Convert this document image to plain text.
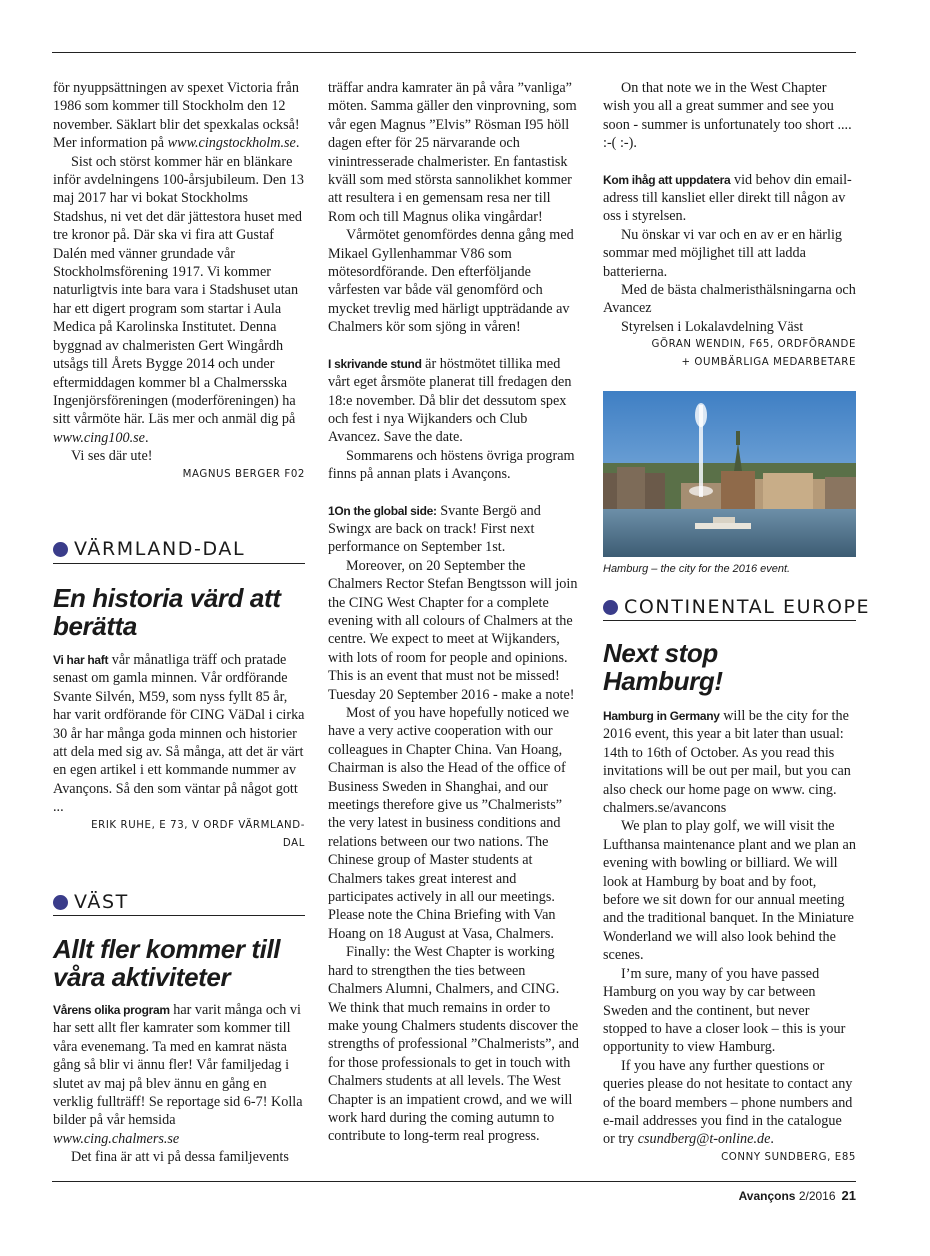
för nyuppsättningen av spexet Victoria från 1986 som kommer till Stockholm den 12 november. Säklart blir det spexkalas också! Mer information på www.cingstockholm.se.

Sist och störst kommer här en blänkare inför avdelningens 100-årsjubileum. Den 13 maj 2017 har vi bokat Stockholms Stadshus, ni vet det där jättestora huset med tre kronor på. Där ska vi fira att Gustaf Dalén med vänner grundade vår Stockholmsförening 1917. Vi kommer naturligtvis inte bara vara i Stadshuset utan har ett digert program som startar i Aula Medica på Karolinska Institutet. Denna byggnad av chalmeristen Gert Wingårdh utsågs till Årets Bygge 2014 och under eftermiddagen kommer bl a Chalmersska Ingenjörsföreningen (moderföreningen) ha sitt vårmöte här. Läs mer och anmäl dig på www.cing100.se.

Vi ses där ute!

MAGNUS BERGER F02

VÄRMLAND-DAL
En historia värd att berätta

Vi har haft vår månatliga träff och pratade senast om gamla minnen. Vår ordförande Svante Silvén, M59, som nyss fyllt 85 år, har varit ordförande för CING VäDal i cirka 30 år har många goda minnen och historier att dela med sig av. Så många, att det är värt en egen artikel i ett kommande nummer av Avançons. Så den som väntar på något gott ...

ERIK RUHE, E 73, V ORDF VÄRMLAND-DAL

VÄST
Allt fler kommer till våra aktiviteter

Vårens olika program har varit många och vi har sett allt fler kamrater som kommer till våra evenemang. Ta med en kamrat nästa gång så blir vi ännu fler! Vår familjedag i slutet av maj på blev ännu en gång en verklig fullträff! Se reportage sid 6-7! Kolla bilder på vår hemsida www.cing.chalmers.se

Det fina är att vi på dessa familjevents

träffar andra kamrater än på våra ”vanliga” möten. Samma gäller den vinprovning, som vår egen Magnus ”Elvis” Rösman I95 höll dagen efter för 25 närvarande och vinintresserade chalmerister. En fantastisk kväll som med största sannolikhet kommer att resultera i en gemensam resa ner till Rom och till Magnus olika vingårdar!

Vårmötet genomfördes denna gång med Mikael Gyllenhammar V86 som mötesordförande. Den efterföljande vårfesten var både väl genomförd och mycket trevlig med härligt uppträdande av Chalmers kör som sjöng in våren!

I skrivande stund är höstmötet tillika med vårt eget årsmöte planerat till fredagen den 18:e november. Då blir det dessutom spex och fest i nya Wijkanders och Club Avancez. Save the date.

Sommarens och höstens övriga program finns på annan plats i Avançons.

1On the global side: Svante Bergö and Swingx are back on track! First next performance on September 1st.

Moreover, on 20 September the Chalmers Rector Stefan Bengtsson will join the CING West Chapter for a complete evening with all colours of Chalmers at the centre. We expect to meet at Wijkanders, with lots of room for people and opinions. This is an event that must not be missed! Tuesday 20 September 2016 - make a note!

Most of you have hopefully noticed we have a very active cooperation with our colleagues in Chapter China. Van Hoang, Chairman is also the Head of the office of Business Sweden in Shanghai, and our meetings therefore give us ”Chalmerists” the very latest in business conditions and relations between our two nations. The Chinese group of Master students at Chalmers takes great interest and participates actively in all our meetings. Please note the China Briefing with Van Hoang on 18 August at Vasa, Chalmers.

Finally: the West Chapter is working hard to strengthen the ties between Chalmers Alumni, Chalmers, and CING. We think that much remains in order to make young Chalmers students discover the strengths of professional ”Chalmerists”, and for those professionals to get in touch with Chalmers students at all levels. The West Chapter is an impatient crowd, and we will work hard during the coming autumn to contribute to long-term real progress.

On that note we in the West Chapter wish you all a great summer and see you soon - summer is unfortunately too short .... :-( :-).

Kom ihåg att uppdatera vid behov din email-adress till kansliet eller direkt till någon av oss i styrelsen.

Nu önskar vi var och en av er en härlig sommar med möjlighet till att ladda batterierna.

Med de bästa chalmeristhälsningarna och Avancez

Styrelsen i Lokalavdelning Väst

GÖRAN WENDIN, F65, ORDFÖRANDE

+ OUMBÄRLIGA MEDARBETARE

Hamburg – the city for the 2016 event.
CONTINENTAL EUROPE
Next stop Hamburg!

Hamburg in Germany will be the city for the 2016 event, this year a bit later than usual: 14th to 16th of October. As you read this invitations will be out per mail, but you can also check our home page on www. cing. chalmers.se/avancons

We plan to play golf, we will visit the Lufthansa maintenance plant and we plan an evening with bowling or billiard. We will look at Hamburg by boat and by foot, before we sit down for our annual meeting and the traditional banquet. In the Miniature Wonderland we will also look behind the scenes.

I’m sure, many of you have passed Hamburg on you way by car between Sweden and the continent, but never stopped to have a closer look – this is your opportunity to view Hamburg.

If you have any further questions or queries please do not hesitate to contact any of the board members – phone numbers and e-mail addresses you find in the catalogue or try csundberg@t-online.de.

CONNY SUNDBERG, E85

Avançons 2/2016 21
